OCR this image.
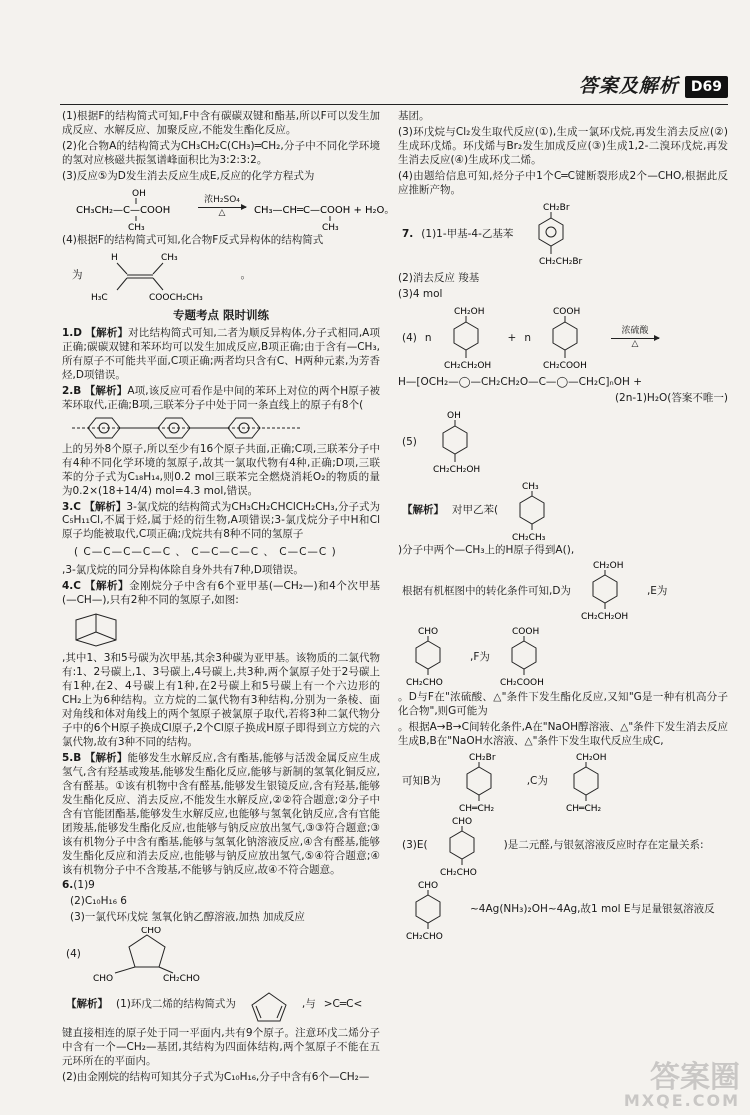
答案及解析 D69

(1)根据F的结构简式可知,F中含有碳碳双键和酯基,所以F可以发生加成反应、水解反应、加聚反应,不能发生酯化反应。

(2)化合物A的结构简式为CH₃CH₂C(CH₃)═CH₂,分子中不同化学环境的氢对应核磁共振氢谱峰面积比为3:2:3:2。

(3)反应⑤为D发生消去反应生成E,反应的化学方程式为

OH
CH₃CH₂—C—COOH
CH₃
浓H₂SO₄
△	CH₃—CH═C—COOH + H₂O。
CH₃

(4)根据F的结构简式可知,化合物F反式异构体的结构简式

为
H	CH₃
H₃C	COOCH₂CH₃
。
专题考点 限时训练

1.D 【解析】对比结构简式可知,二者为顺反异构体,分子式相同,A项正确;碳碳双键和苯环均可以发生加成反应,B项正确;由于含有—CH₃,所有原子不可能共平面,C项正确;两者均只含有C、H两种元素,为芳香烃,D项错误。

2.B 【解析】A项,该反应可看作是中间的苯环上对位的两个H原子被苯环取代,正确;B项,三联苯分子中处于同一条直线上的原子有8个(

上的另外8个原子,所以至少有16个原子共面,正确;C项,三联苯分子中有4种不同化学环境的氢原子,故其一氯取代物有4种,正确;D项,三联苯的分子式为C₁₈H₁₄,则0.2 mol三联苯完全燃烧消耗O₂的物质的量为0.2×(18+14/4) mol=4.3 mol,错误。

3.C 【解析】3-氯戊烷的结构简式为CH₃CH₂CHClCH₂CH₃,分子式为C₅H₁₁Cl,不属于烃,属于烃的衍生物,A项错误;3-氯戊烷分子中H和Cl原子均能被取代,C项正确;戊烷共有8种不同的氢原子

( C—C—C—C—C 、 C—C—C—C 、 C—C—C )

,3-氯戊烷的同分异构体除自身外共有7种,D项错误。

4.C 【解析】金刚烷分子中含有6个亚甲基(—CH₂—)和4个次甲基(—CH—),只有2种不同的氢原子,如图:

,其中1、3和5号碳为次甲基,其余3种碳为亚甲基。该物质的二氯代物有:1、2号碳上,1、3号碳上,4号碳上,共3种,两个氯原子处于2号碳上有1种,在2、4号碳上有1种,在2号碳上和5号碳上有一个六边形的CH₂上为6种结构。立方烷的二氯代物有3种结构,分别为一条棱、面对角线和体对角线上的两个氢原子被氯原子取代,若将3种二氯代物分子中的6个H原子换成Cl原子,2个Cl原子换成H原子即得到立方烷的六氯代物,故有3种不同的结构。

5.B 【解析】能够发生水解反应,含有酯基,能够与活泼金属反应生成氢气,含有羟基或羧基,能够发生酯化反应,能够与新制的氢氧化铜反应,含有醛基。①该有机物中含有醛基,能够发生银镜反应,含有羟基,能够发生酯化反应、消去反应,不能发生水解反应,②②符合题意;②分子中含有官能团酯基,能够发生水解反应,也能够与氢氧化钠反应,含有官能团羧基,能够发生酯化反应,也能够与钠反应放出氢气,③③符合题意;③该有机物分子中含有酯基,能够与氢氧化钠溶液反应,④含有醛基,能够发生酯化反应和消去反应,也能够与钠反应放出氢气,⑤④符合题意;④该有机物分子中不含羧基,不能够与钠反应,故④不符合题意。

6.(1)9

(2)C₁₀H₁₆ 6

(3)一氯代环戊烷 氢氧化钠乙醇溶液,加热 加成反应

(4)
CHO
CHO	CH₂CHO
【解析】 (1)环戊二烯的结构简式为	,与 >C═C<

键直接相连的原子处于同一平面内,共有9个原子。注意环戊二烯分子中含有一个—CH₂—基团,其结构为四面体结构,两个氢原子不能在五元环所在的平面内。

(2)由金刚烷的结构可知其分子式为C₁₀H₁₆,分子中含有6个—CH₂—

基团。

(3)环戊烷与Cl₂发生取代反应(①),生成一氯环戊烷,再发生消去反应(②)生成环戊烯。环戊烯与Br₂发生加成反应(③)生成1,2-二溴环戊烷,再发生消去反应(④)生成环戊二烯。

(4)由题给信息可知,烃分子中1个C═C键断裂形成2个—CHO,根据此反应推断产物。

7. (1)1-甲基-4-乙基苯
CH₂Br
CH₂CH₂Br

(2)消去反应 羧基

(3)4 mol

(4) n
CH₂OH
CH₂CH₂OH
+ n
COOH
CH₂COOH
浓硫酸
△

H—[OCH₂—◯—CH₂CH₂O—C—◯—CH₂C]ₙOH +

(2n-1)H₂O(答案不唯一)

(5)
OH
CH₂CH₂OH
【解析】 对甲乙苯(
CH₃
CH₂CH₃

)分子中两个—CH₃上的H原子得到A(),

根据有机框图中的转化条件可知,D为
CH₂OH
CH₂CH₂OH
,E为
CHO
CH₂CHO
,F为
COOH
CH₂COOH

。D与F在"浓硫酸、△"条件下发生酯化反应,又知"G是一种有机高分子化合物",则G可能为

。根据A→B→C间转化条件,A在"NaOH醇溶液、△"条件下发生消去反应生成B,B在"NaOH水溶液、△"条件下发生取代反应生成C,

可知B为
CH₂Br
CH═CH₂
,C为
CH₂OH
CH═CH₂
(3)E(
CHO
CH₂CHO
)是二元醛,与银氨溶液反应时存在定量关系:
CHO
CH₂CHO
~4Ag(NH₃)₂OH~4Ag,故1 mol E与足量银氨溶液反
答案圈
MXQE.COM
